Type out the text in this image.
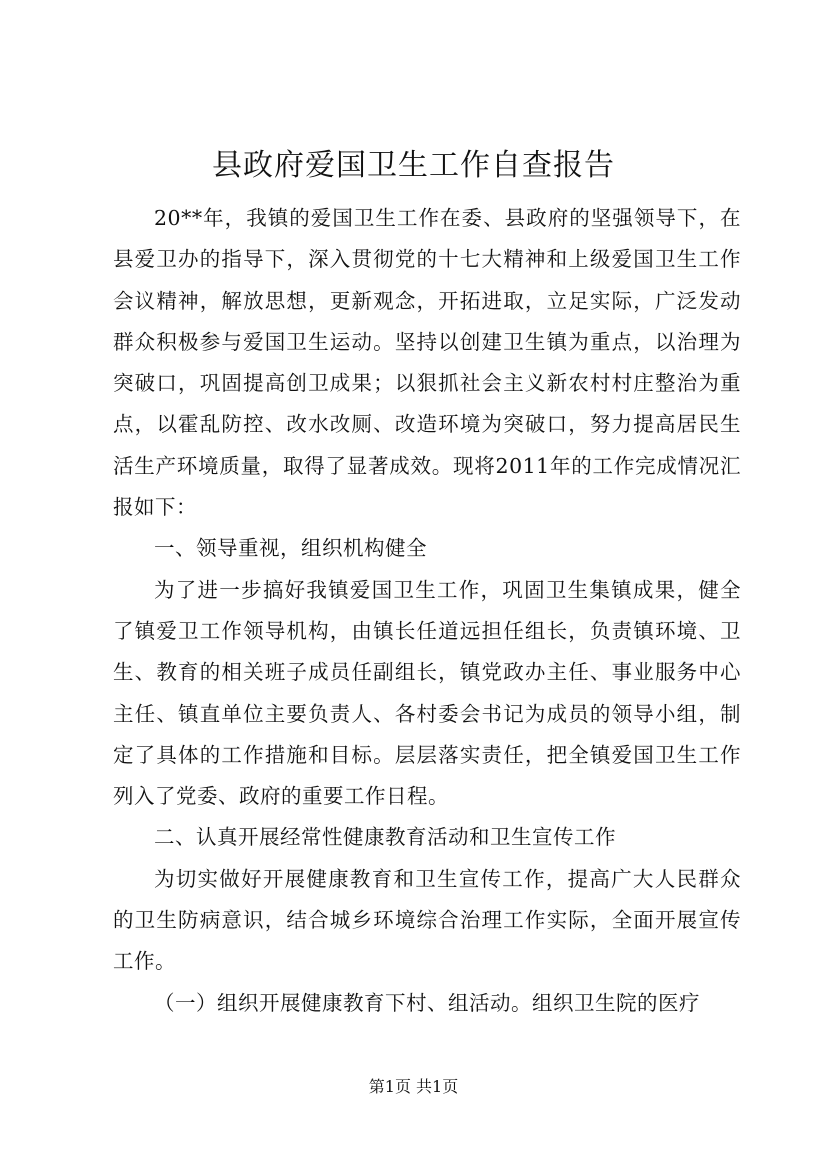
县政府爱国卫生工作自查报告

20**年，我镇的爱国卫生工作在委、县政府的坚强领导下，在县爱卫办的指导下，深入贯彻党的十七大精神和上级爱国卫生工作会议精神，解放思想，更新观念，开拓进取，立足实际，广泛发动群众积极参与爱国卫生运动。坚持以创建卫生镇为重点，以治理为突破口，巩固提高创卫成果；以狠抓社会主义新农村村庄整治为重点，以霍乱防控、改水改厕、改造环境为突破口，努力提高居民生活生产环境质量，取得了显著成效。现将2011年的工作完成情况汇报如下：

一、领导重视，组织机构健全

为了进一步搞好我镇爱国卫生工作，巩固卫生集镇成果，健全了镇爱卫工作领导机构，由镇长任道远担任组长，负责镇环境、卫生、教育的相关班子成员任副组长，镇党政办主任、事业服务中心主任、镇直单位主要负责人、各村委会书记为成员的领导小组，制定了具体的工作措施和目标。层层落实责任，把全镇爱国卫生工作列入了党委、政府的重要工作日程。

二、认真开展经常性健康教育活动和卫生宣传工作

为切实做好开展健康教育和卫生宣传工作，提高广大人民群众的卫生防病意识，结合城乡环境综合治理工作实际，全面开展宣传工作。

（一）组织开展健康教育下村、组活动。组织卫生院的医疗

第1页 共1页
